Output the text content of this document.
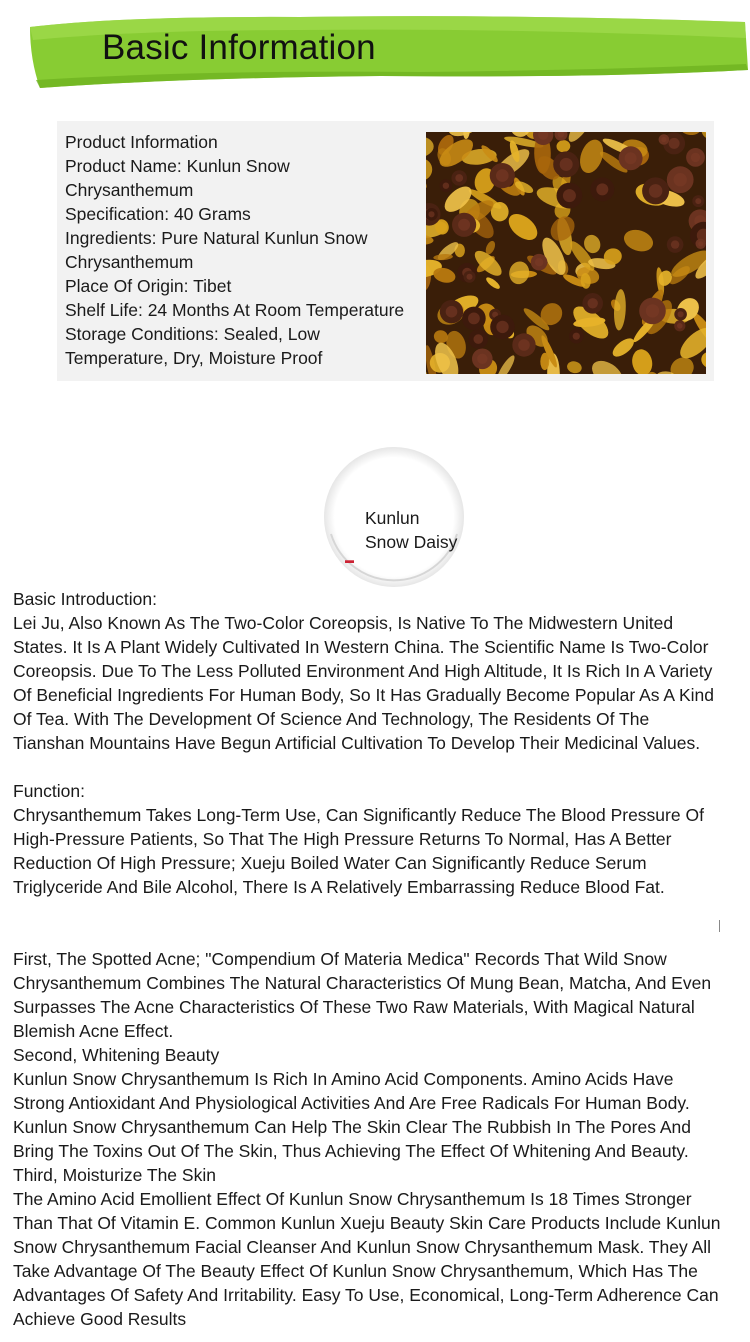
Basic Information
Product Information
Product Name: Kunlun Snow
Chrysanthemum
Specification: 40 Grams
Ingredients: Pure Natural Kunlun Snow
Chrysanthemum
Place Of Origin: Tibet
Shelf Life: 24 Months At Room Temperature
Storage Conditions: Sealed, Low
Temperature, Dry, Moisture Proof
Kunlun
Snow Daisy
▬
Basic Introduction:
Lei Ju, Also Known As The Two-Color Coreopsis, Is Native To The Midwestern United
States. It Is A Plant Widely Cultivated In Western China. The Scientific Name Is Two-Color
Coreopsis. Due To The Less Polluted Environment And High Altitude, It Is Rich In A Variety
Of Beneficial Ingredients For Human Body, So It Has Gradually Become Popular As A Kind
Of Tea. With The Development Of Science And Technology, The Residents Of The
Tianshan Mountains Have Begun Artificial Cultivation To Develop Their Medicinal Values.
Function:
Chrysanthemum Takes Long-Term Use, Can Significantly Reduce The Blood Pressure Of
High-Pressure Patients, So That The High Pressure Returns To Normal, Has A Better
Reduction Of High Pressure; Xueju Boiled Water Can Significantly Reduce Serum
Triglyceride And Bile Alcohol, There Is A Relatively Embarrassing Reduce Blood Fat.
First, The Spotted Acne; "Compendium Of Materia Medica" Records That Wild Snow
Chrysanthemum Combines The Natural Characteristics Of Mung Bean, Matcha, And Even
Surpasses The Acne Characteristics Of These Two Raw Materials, With Magical Natural
Blemish Acne Effect.
Second, Whitening Beauty
Kunlun Snow Chrysanthemum Is Rich In Amino Acid Components. Amino Acids Have
Strong Antioxidant And Physiological Activities And Are Free Radicals For Human Body.
Kunlun Snow Chrysanthemum Can Help The Skin Clear The Rubbish In The Pores And
Bring The Toxins Out Of The Skin, Thus Achieving The Effect Of Whitening And Beauty.
Third, Moisturize The Skin
The Amino Acid Emollient Effect Of Kunlun Snow Chrysanthemum Is 18 Times Stronger
Than That Of Vitamin E. Common Kunlun Xueju Beauty Skin Care Products Include Kunlun
Snow Chrysanthemum Facial Cleanser And Kunlun Snow Chrysanthemum Mask. They All
Take Advantage Of The Beauty Effect Of Kunlun Snow Chrysanthemum, Which Has The
Advantages Of Safety And Irritability. Easy To Use, Economical, Long-Term Adherence Can
Achieve Good Results
